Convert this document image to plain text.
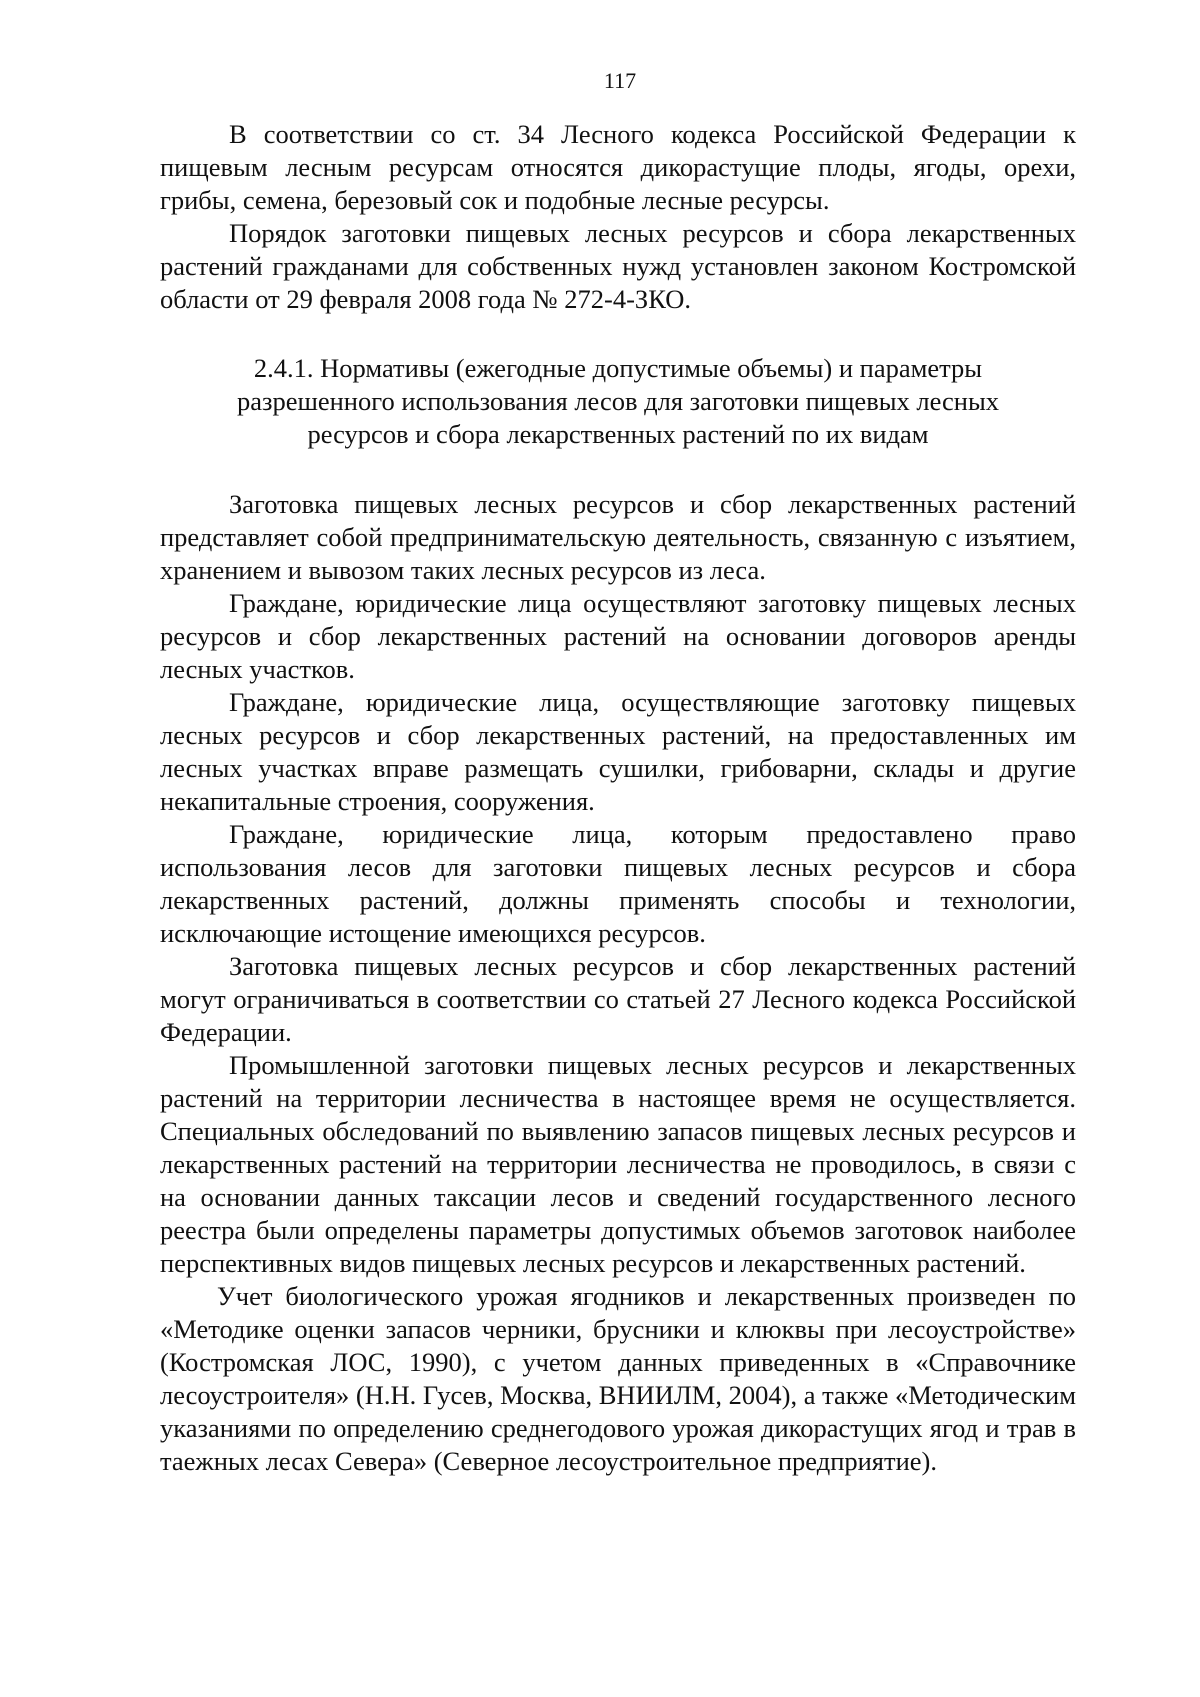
117

В соответствии со ст. 34 Лесного кодекса Российской Федерации к пищевым лесным ресурсам относятся дикорастущие плоды, ягоды, орехи, грибы, семена, березовый сок и подобные лесные ресурсы.

Порядок заготовки пищевых лесных ресурсов и сбора лекарственных растений гражданами для собственных нужд установлен законом Костромской области от 29 февраля 2008 года № 272-4-ЗКО.

2.4.1. Нормативы (ежегодные допустимые объемы) и параметры
разрешенного использования лесов для заготовки пищевых лесных
ресурсов и сбора лекарственных растений по их видам

Заготовка пищевых лесных ресурсов и сбор лекарственных растений представляет собой предпринимательскую деятельность, связанную с изъятием, хранением и вывозом таких лесных ресурсов из леса.

Граждане, юридические лица осуществляют заготовку пищевых лесных ресурсов и сбор лекарственных растений на основании договоров аренды лесных участков.

Граждане, юридические лица, осуществляющие заготовку пищевых лесных ресурсов и сбор лекарственных растений, на предоставленных им лесных участках вправе размещать сушилки, грибоварни, склады и другие некапитальные строения, сооружения.

Граждане, юридические лица, которым предоставлено право использования лесов для заготовки пищевых лесных ресурсов и сбора лекарственных растений, должны применять способы и технологии, исключающие истощение имеющихся ресурсов.

Заготовка пищевых лесных ресурсов и сбор лекарственных растений могут ограничиваться в соответствии со статьей 27 Лесного кодекса Российской Федерации.

Промышленной заготовки пищевых лесных ресурсов и лекарственных растений на территории лесничества в настоящее время не осуществляется. Специальных обследований по выявлению запасов пищевых лесных ресурсов и лекарственных растений на территории лесничества не проводилось, в связи с на основании данных таксации лесов и сведений государственного лесного реестра были определены параметры допустимых объемов заготовок наиболее перспективных видов пищевых лесных ресурсов и лекарственных растений.

Учет биологического урожая ягодников и лекарственных произведен по «Методике оценки запасов черники, брусники и клюквы при лесоустройстве» (Костромская ЛОС, 1990), с учетом данных приведенных в «Справочнике лесоустроителя» (Н.Н. Гусев, Москва, ВНИИЛМ, 2004), а также «Методическим указаниями по определению среднегодового урожая дикорастущих ягод и трав в таежных лесах Севера» (Северное лесоустроительное предприятие).
